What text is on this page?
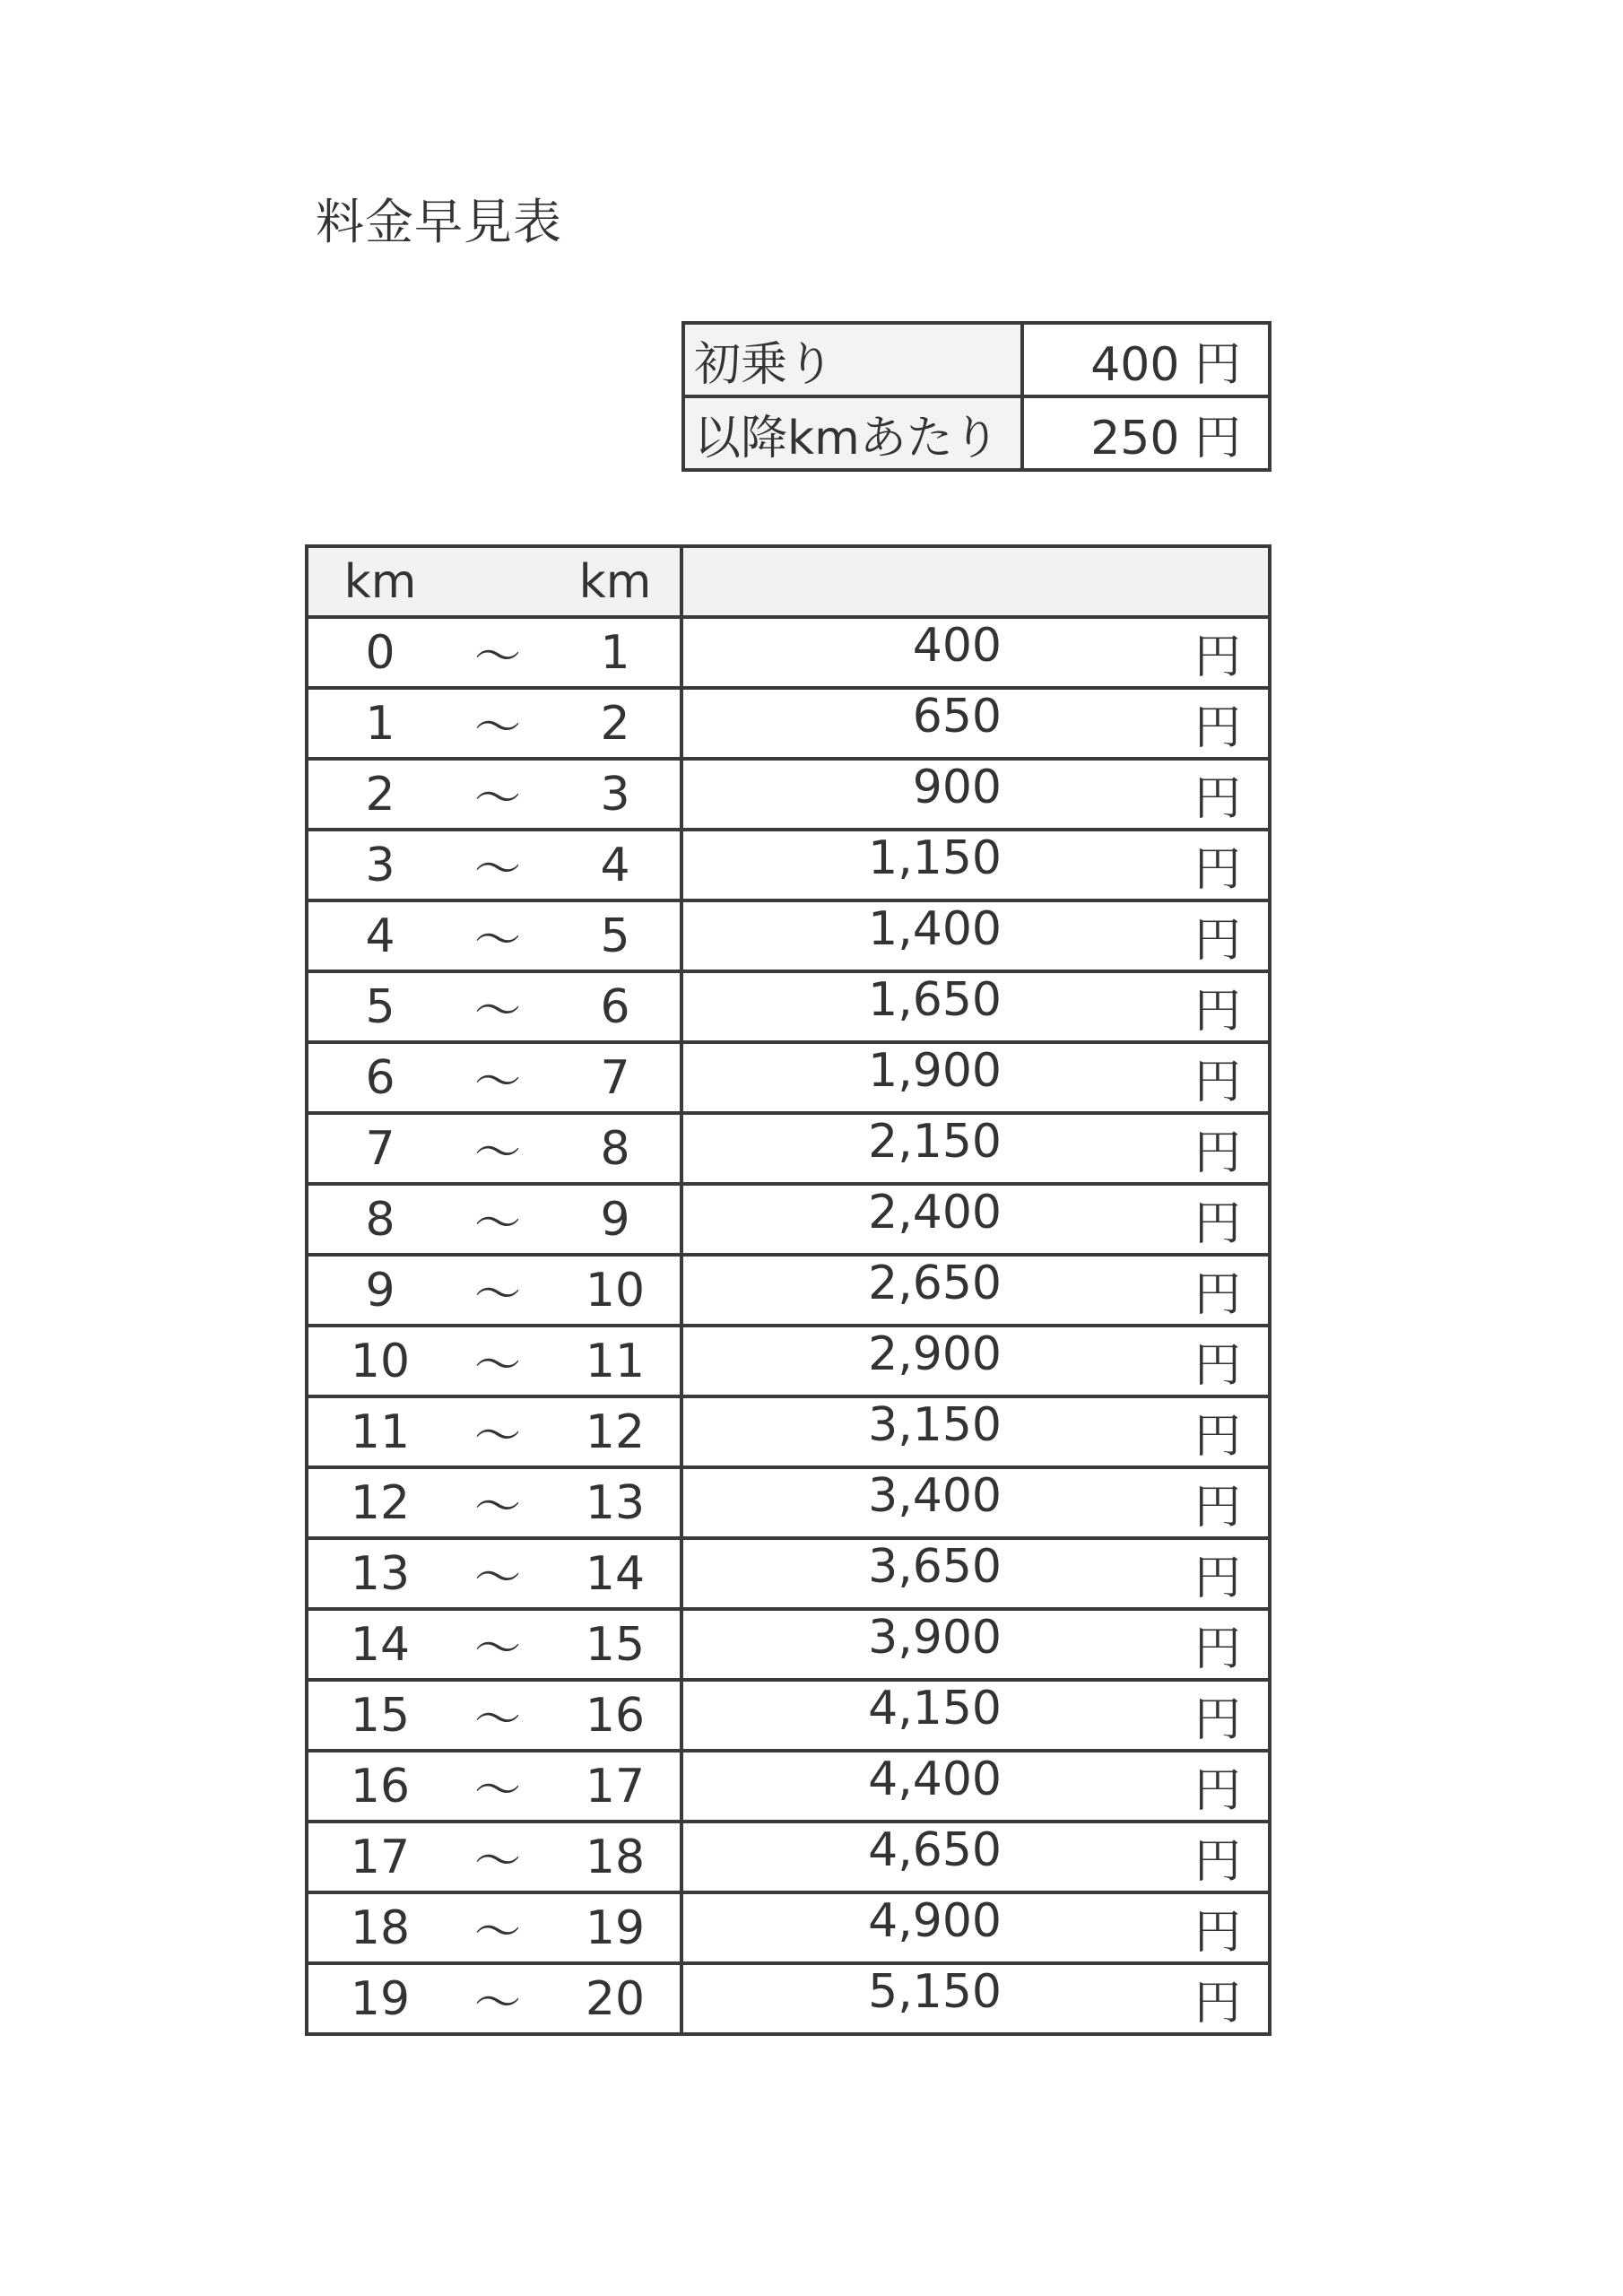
料金早見表
初乗り	400 円
以降kmあたり	250 円
km km	

0 ～ 1	400 円

1 ～ 2	650 円

2 ～ 3	900 円

3 ～ 4	1,150 円

4 ～ 5	1,400 円

5 ～ 6	1,650 円

6 ～ 7	1,900 円

7 ～ 8	2,150 円

8 ～ 9	2,400 円

9 ～ 10	2,650 円

10 ～ 11	2,900 円

11 ～ 12	3,150 円

12 ～ 13	3,400 円

13 ～ 14	3,650 円

14 ～ 15	3,900 円

15 ～ 16	4,150 円

16 ～ 17	4,400 円

17 ～ 18	4,650 円

18 ～ 19	4,900 円

19 ～ 20	5,150 円
